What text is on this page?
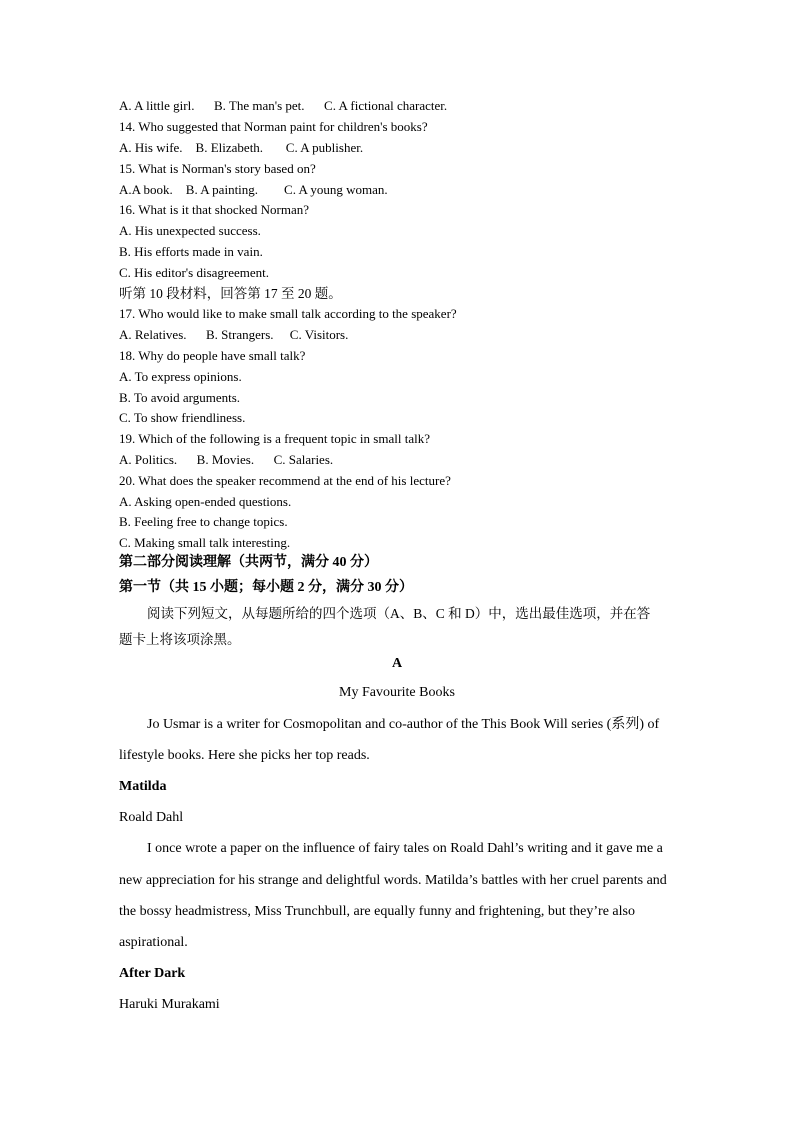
A. A little girl.      B. The man's pet.      C. A fictional character.
14. Who suggested that Norman paint for children's books?
A. His wife.    B. Elizabeth.       C. A publisher.
15. What is Norman's story based on?
A.A book.    B. A painting.        C. A young woman.
16. What is it that shocked Norman?
A. His unexpected success.
B. His efforts made in vain.
C. His editor's disagreement.
听第 10 段材料，回答第 17 至 20 题。
17. Who would like to make small talk according to the speaker?
A. Relatives.      B. Strangers.     C. Visitors.
18. Why do people have small talk?
A. To express opinions.
B. To avoid arguments.
C. To show friendliness.
19. Which of the following is a frequent topic in small talk?
A. Politics.      B. Movies.      C. Salaries.
20. What does the speaker recommend at the end of his lecture?
A. Asking open-ended questions.
B. Feeling free to change topics.
C. Making small talk interesting.
第二部分阅读理解（共两节，满分 40 分）
第一节（共 15 小题；每小题 2 分，满分 30 分）
阅读下列短文，从每题所给的四个选项（A、B、C 和 D）中，选出最佳选项，并在答
题卡上将该项涂黑。
A
My Favourite Books
Jo Usmar is a writer for Cosmopolitan and co-author of the This Book Will series (系列) of
lifestyle books. Here she picks her top reads.
Matilda
Roald Dahl
I once wrote a paper on the influence of fairy tales on Roald Dahl’s writing and it gave me a
new appreciation for his strange and delightful words. Matilda’s battles with her cruel parents and
the bossy headmistress, Miss Trunchbull, are equally funny and frightening, but they’re also
aspirational.
After Dark
Haruki Murakami
